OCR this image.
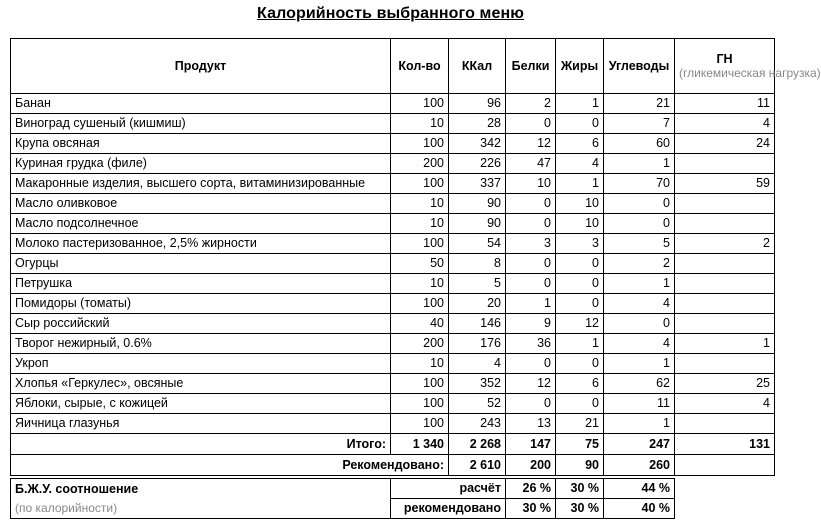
Калорийность выбранного меню
Продукт	Кол-во	ККал	Белки	Жиры	Углеводы	ГН
(гликемическая нагрузка)

Банан	100	96	2	1	21	11
Виноград сушеный (кишмиш)	10	28	0	0	7	4
Крупа овсяная	100	342	12	6	60	24
Куриная грудка (филе)	200	226	47	4	1	
Макаронные изделия, высшего сорта, витаминизированные	100	337	10	1	70	59
Масло оливковое	10	90	0	10	0	
Масло подсолнечное	10	90	0	10	0	
Молоко пастеризованное, 2,5% жирности	100	54	3	3	5	2
Огурцы	50	8	0	0	2	
Петрушка	10	5	0	0	1	
Помидоры (томаты)	100	20	1	0	4	
Сыр российский	40	146	9	12	0	
Творог нежирный, 0.6%	200	176	36	1	4	1
Укроп	10	4	0	0	1	
Хлопья «Геркулес», овсяные	100	352	12	6	62	25
Яблоки, сырые, с кожицей	100	52	0	0	11	4
Яичница глазунья	100	243	13	21	1	
Итого:	1 340	2 268	147	75	247	131
Рекомендовано:		2 610	200	90	260	

Б.Ж.У. соотношение
(по калорийности)	расчёт		26 %	30 %	44 %	
	рекомендовано		30 %	30 %	40 %	
